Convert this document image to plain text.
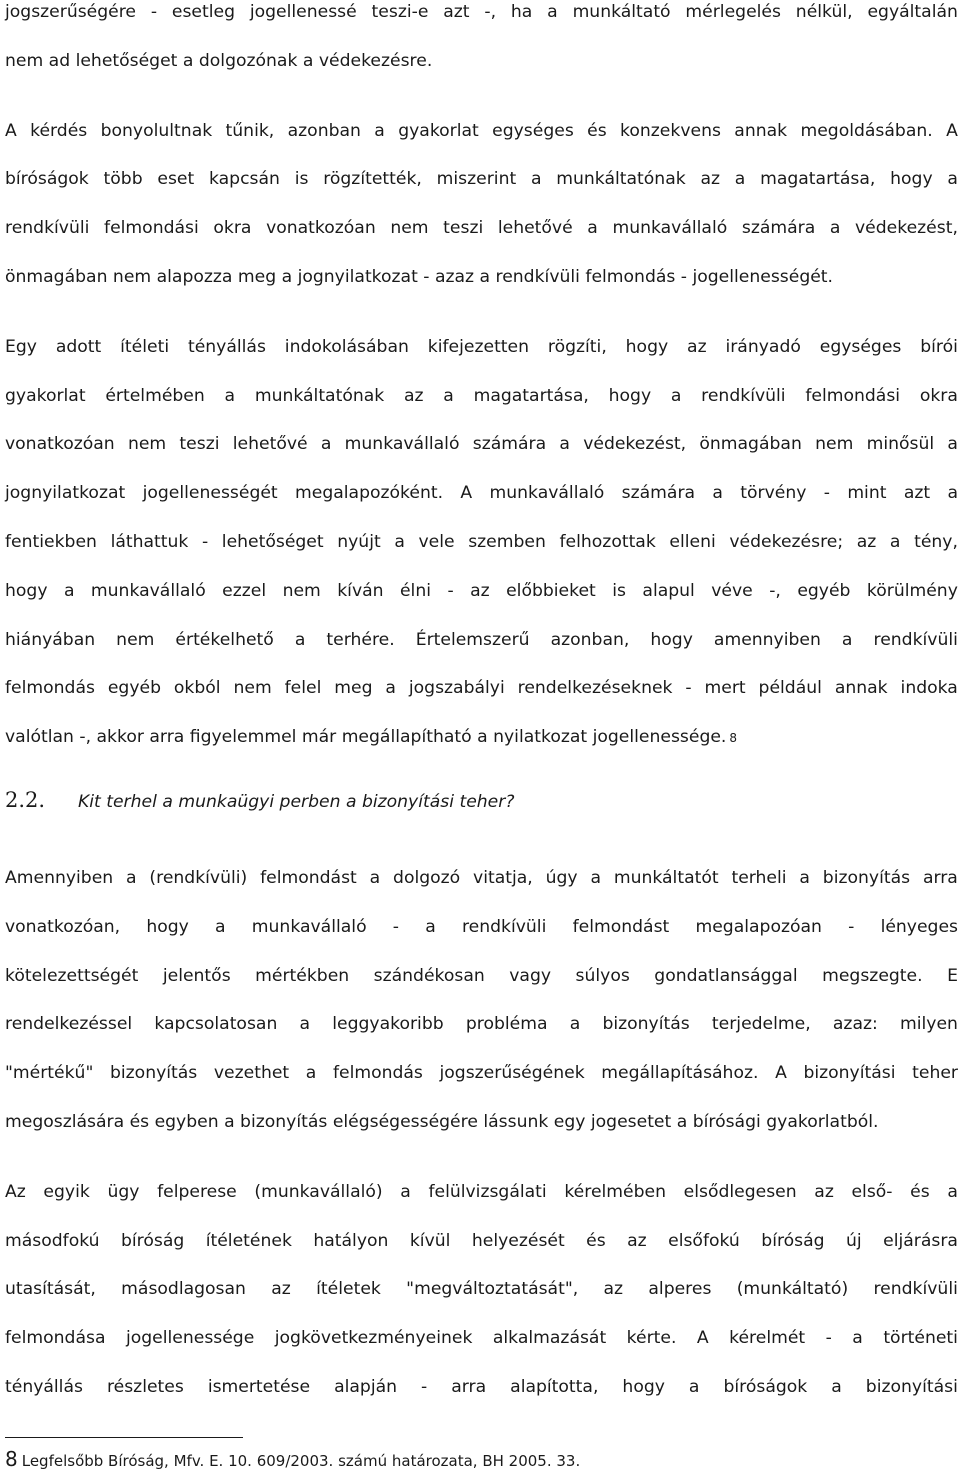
jogszerűségére - esetleg jogellenessé teszi-e azt -, ha a munkáltató mérlegelés nélkül, egyáltalán
nem ad lehetőséget a dolgozónak a védekezésre.
A kérdés bonyolultnak tűnik, azonban a gyakorlat egységes és konzekvens annak megoldásában. A
bíróságok több eset kapcsán is rögzítették, miszerint a munkáltatónak az a magatartása, hogy a
rendkívüli felmondási okra vonatkozóan nem teszi lehetővé a munkavállaló számára a védekezést,
önmagában nem alapozza meg a jognyilatkozat - azaz a rendkívüli felmondás - jogellenességét.
Egy adott ítéleti tényállás indokolásában kifejezetten rögzíti, hogy az irányadó egységes bírói
gyakorlat értelmében a munkáltatónak az a magatartása, hogy a rendkívüli felmondási okra
vonatkozóan nem teszi lehetővé a munkavállaló számára a védekezést, önmagában nem minősül a
jognyilatkozat jogellenességét megalapozóként. A munkavállaló számára a törvény - mint azt a
fentiekben láthattuk - lehetőséget nyújt a vele szemben felhozottak elleni védekezésre; az a tény,
hogy a munkavállaló ezzel nem kíván élni - az előbbieket is alapul véve -, egyéb körülmény
hiányában nem értékelhető a terhére. Értelemszerű azonban, hogy amennyiben a rendkívüli
felmondás egyéb okból nem felel meg a jogszabályi rendelkezéseknek - mert például annak indoka
valótlan -, akkor arra figyelemmel már megállapítható a nyilatkozat jogellenessége. 8
2.2.	Kit terhel a munkaügyi perben a bizonyítási teher?
Amennyiben a (rendkívüli) felmondást a dolgozó vitatja, úgy a munkáltatót terheli a bizonyítás arra
vonatkozóan, hogy a munkavállaló - a rendkívüli felmondást megalapozóan - lényeges
kötelezettségét jelentős mértékben szándékosan vagy súlyos gondatlansággal megszegte. E
rendelkezéssel kapcsolatosan a leggyakoribb probléma a bizonyítás terjedelme, azaz: milyen
"mértékű" bizonyítás vezethet a felmondás jogszerűségének megállapításához. A bizonyítási teher
megoszlására és egyben a bizonyítás elégségességére lássunk egy jogesetet a bírósági gyakorlatból.
Az egyik ügy felperese (munkavállaló) a felülvizsgálati kérelmében elsődlegesen az első- és a
másodfokú bíróság ítéletének hatályon kívül helyezését és az elsőfokú bíróság új eljárásra
utasítását, másodlagosan az ítéletek "megváltoztatását", az alperes (munkáltató) rendkívüli
felmondása jogellenessége jogkövetkezményeinek alkalmazását kérte. A kérelmét - a történeti
tényállás részletes ismertetése alapján - arra alapította, hogy a bíróságok a bizonyítási
8 Legfelsőbb Bíróság, Mfv. E. 10. 609/2003. számú határozata, BH 2005. 33.
